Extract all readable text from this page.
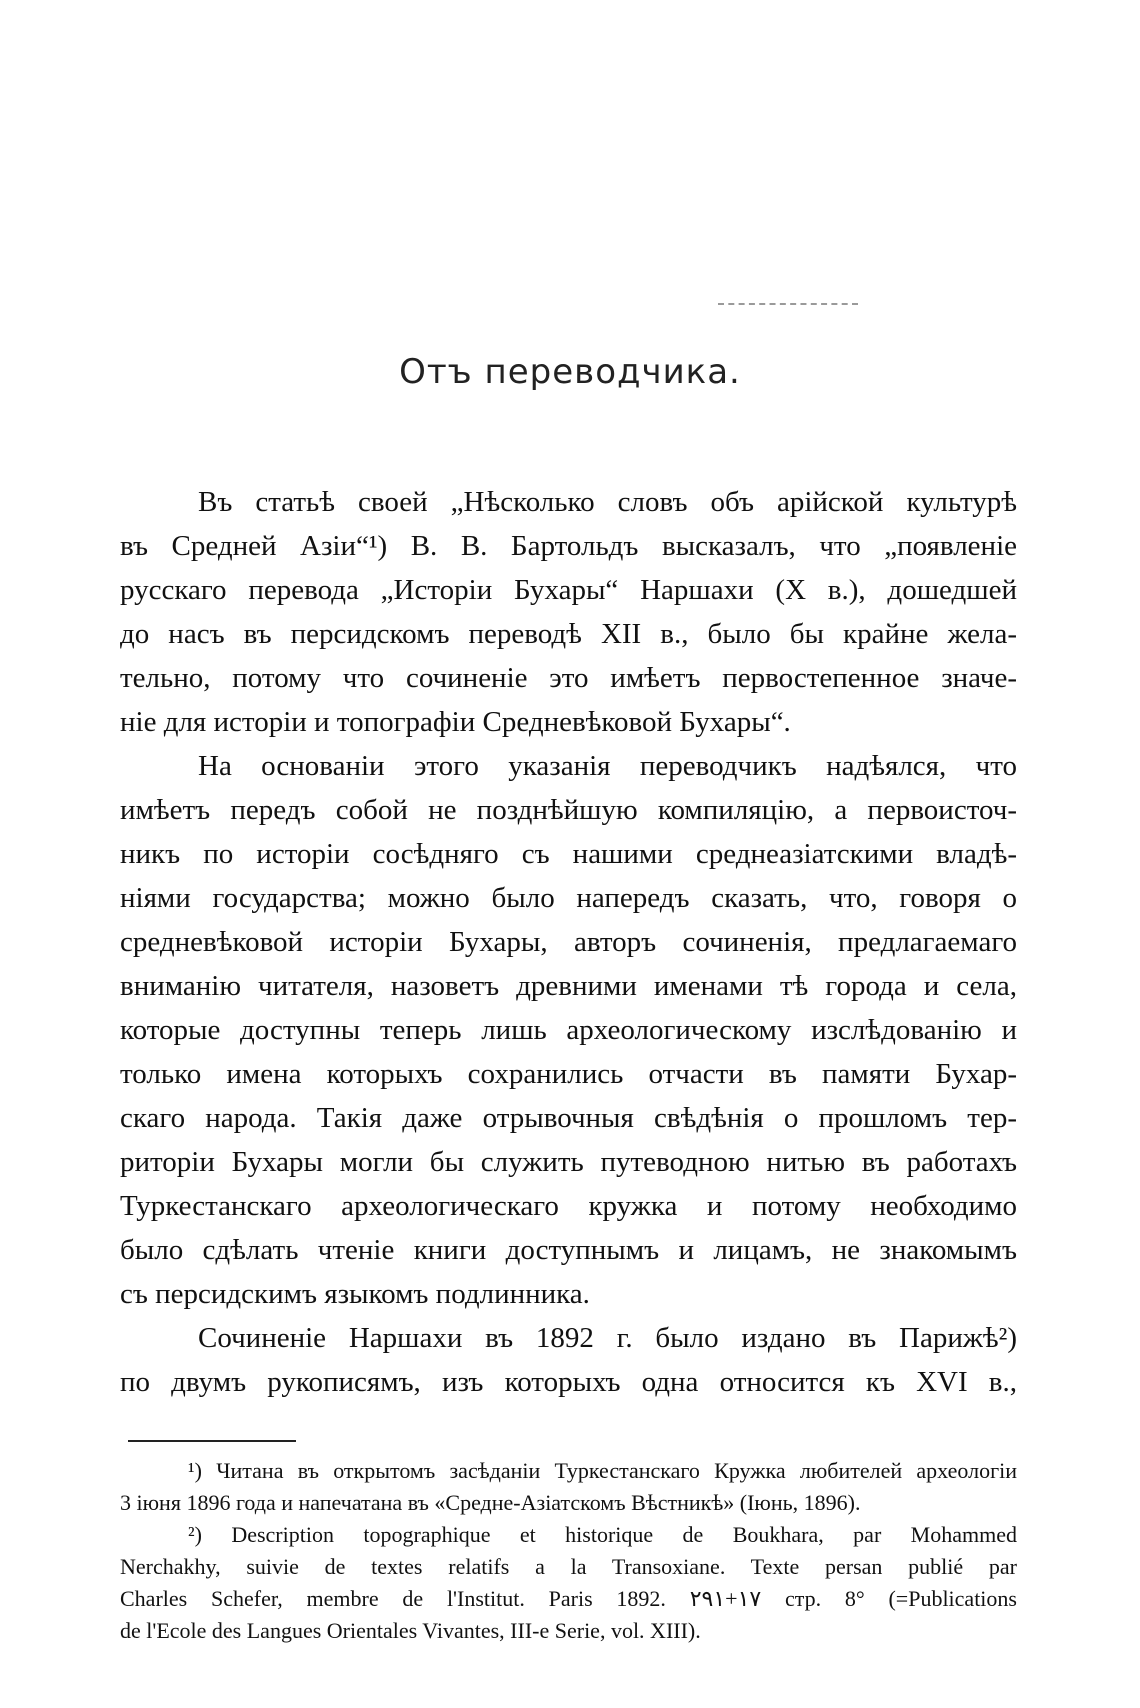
Отъ переводчика.
Въ статьѣ своей „Нѣсколько словъ объ арійской культурѣ
въ Средней Азіи“¹) В. В. Бартольдъ высказалъ, что „появленіе
русскаго перевода „Исторіи Бухары“ Наршахи (X в.), дошедшей
до насъ въ персидскомъ переводѣ XII в., было бы крайне жела-
тельно, потому что сочиненіе это имѣетъ первостепенное значе-
ніе для исторіи и топографіи Средневѣковой Бухары“.
На основаніи этого указанія переводчикъ надѣялся, что
имѣетъ передъ собой не позднѣйшую компиляцію, а первоисточ-
никъ по исторіи сосѣдняго съ нашими среднеазіатскими владѣ-
ніями государства; можно было напередъ сказать, что, говоря о
средневѣковой исторіи Бухары, авторъ сочиненія, предлагаемаго
вниманію читателя, назоветъ древними именами тѣ города и села,
которые доступны теперь лишь археологическому изслѣдованію и
только имена которыхъ сохранились отчасти въ памяти Бухар-
скаго народа. Такія даже отрывочныя свѣдѣнія о прошломъ тер-
риторіи Бухары могли бы служить путеводною нитью въ работахъ
Туркестанскаго археологическаго кружка и потому необходимо
было сдѣлать чтеніе книги доступнымъ и лицамъ, не знакомымъ
съ персидскимъ языкомъ подлинника.
Сочиненіе Наршахи въ 1892 г. было издано въ Парижѣ²)
по двумъ рукописямъ, изъ которыхъ одна относится къ XVI в.,
¹) Читана въ открытомъ засѣданіи Туркестанскаго Кружка любителей археологіи
3 іюня 1896 года и напечатана въ «Средне-Азіатскомъ Вѣстникѣ» (Іюнь, 1896).
²) Description topographique et historique de Boukhara, par Mohammed
Nerchakhy, suivie de textes relatifs a la Transoxiane. Texte persan publié par
Charles Schefer, membre de l'Institut. Paris 1892. ١٧+٢٩١ стр. 8° (=Publications
de l'Ecole des Langues Orientales Vivantes, III-e Serie, vol. XIII).
